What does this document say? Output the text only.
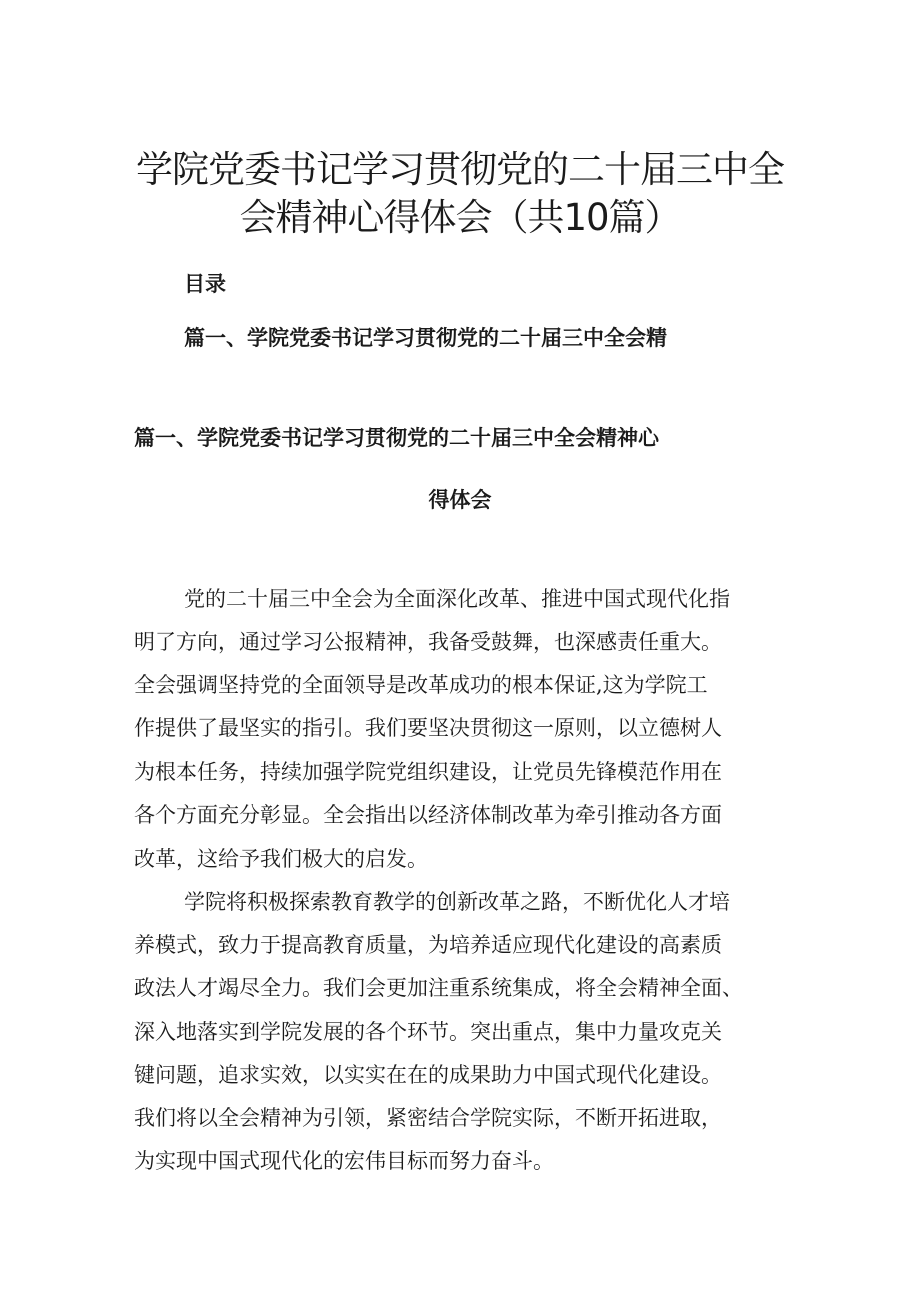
学院党委书记学习贯彻党的二十届三中全
会精神心得体会（共10篇）
目录
篇一、学院党委书记学习贯彻党的二十届三中全会精
篇一、学院党委书记学习贯彻党的二十届三中全会精神心
得体会
党的二十届三中全会为全面深化改革、推进中国式现代化指
明了方向，通过学习公报精神，我备受鼓舞，也深感责任重大。
全会强调坚持党的全面领导是改革成功的根本保证,这为学院工
作提供了最坚实的指引。我们要坚决贯彻这一原则，以立德树人
为根本任务，持续加强学院党组织建设，让党员先锋模范作用在
各个方面充分彰显。全会指出以经济体制改革为牵引推动各方面
改革，这给予我们极大的启发。
学院将积极探索教育教学的创新改革之路，不断优化人才培
养模式，致力于提高教育质量，为培养适应现代化建设的高素质
政法人才竭尽全力。我们会更加注重系统集成，将全会精神全面、
深入地落实到学院发展的各个环节。突出重点，集中力量攻克关
键问题，追求实效，以实实在在的成果助力中国式现代化建设。
我们将以全会精神为引领，紧密结合学院实际，不断开拓进取，
为实现中国式现代化的宏伟目标而努力奋斗。
